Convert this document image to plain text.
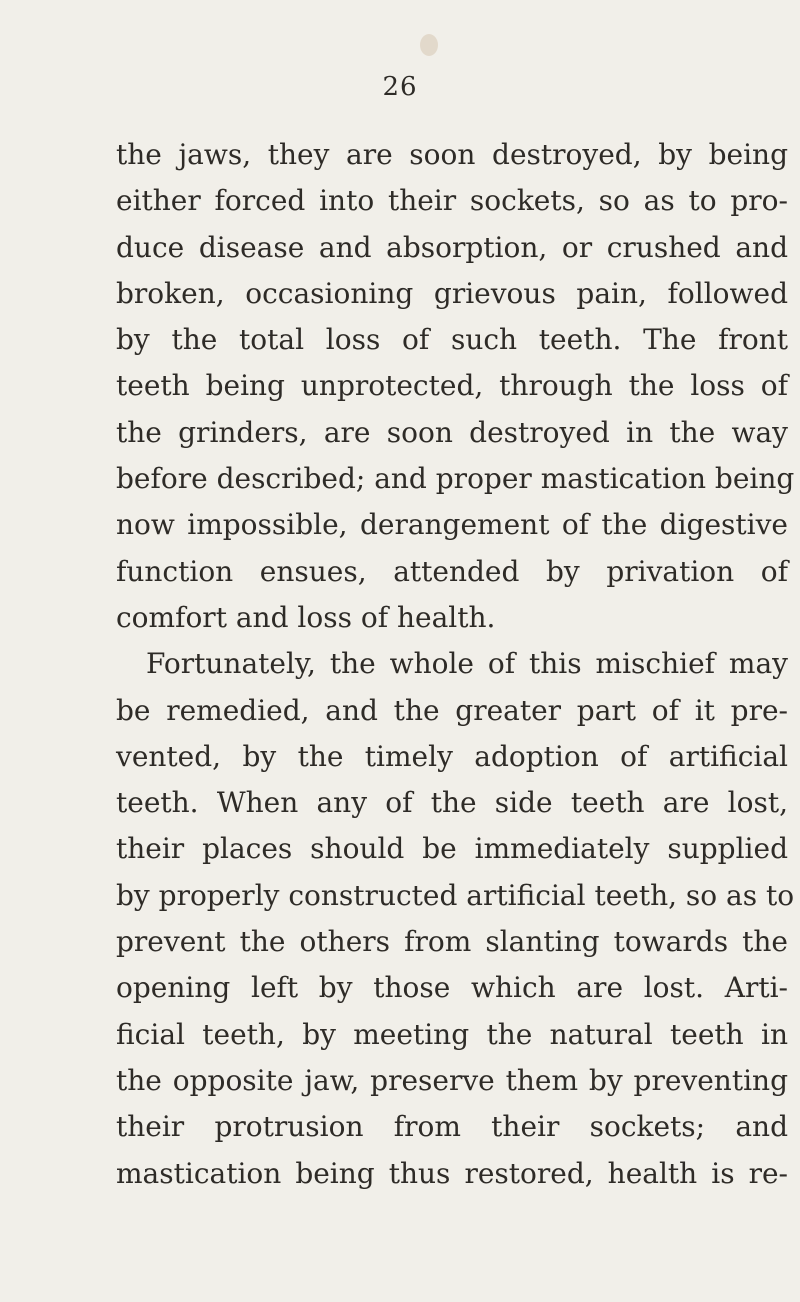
26
the jaws, they are soon destroyed, by being
either forced into their sockets, so as to pro-
duce disease and absorption, or crushed and
broken, occasioning grievous pain, followed
by the total loss of such teeth. The front
teeth being unprotected, through the loss of
the grinders, are soon destroyed in the way
before described; and proper mastication being
now impossible, derangement of the digestive
function ensues, attended by privation of
comfort and loss of health.
Fortunately, the whole of this mischief may
be remedied, and the greater part of it pre-
vented, by the timely adoption of artificial
teeth. When any of the side teeth are lost,
their places should be immediately supplied
by properly constructed artificial teeth, so as to
prevent the others from slanting towards the
opening left by those which are lost. Arti-
ficial teeth, by meeting the natural teeth in
the opposite jaw, preserve them by preventing
their protrusion from their sockets; and
mastication being thus restored, health is re-
